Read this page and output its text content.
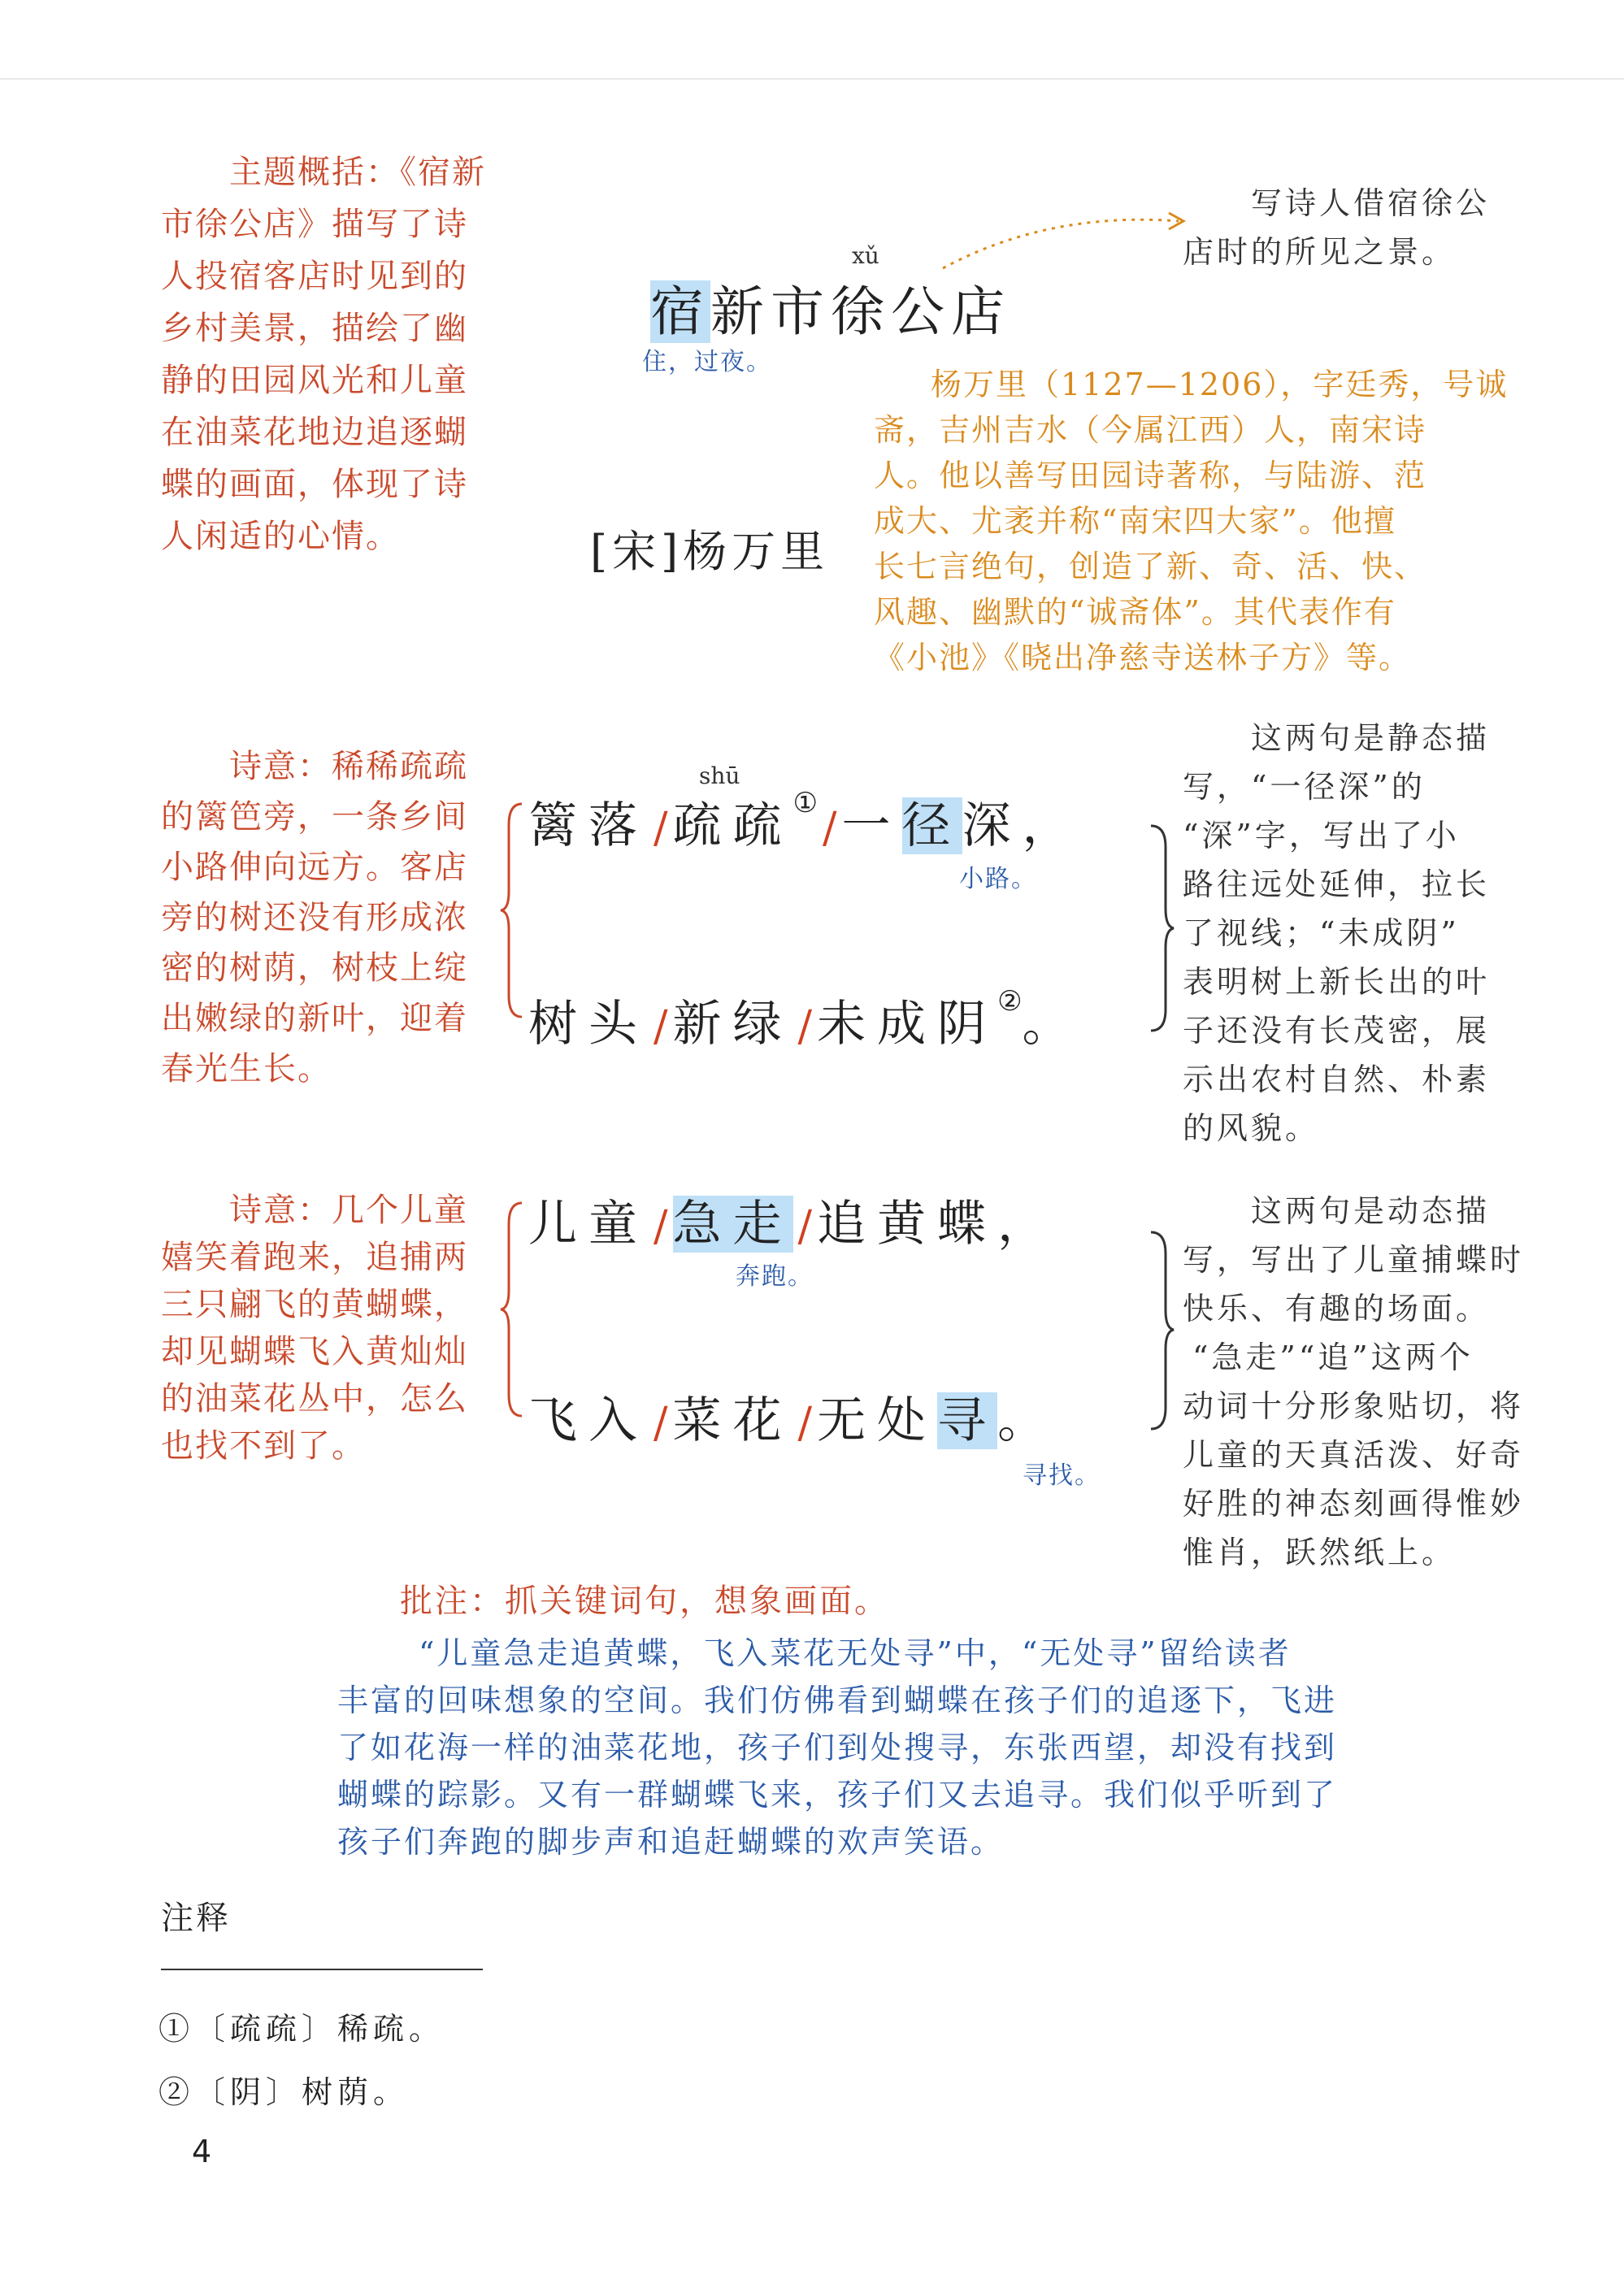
主题概括：《宿新
市徐公店》描写了诗
人投宿客店时见到的
乡村美景，描绘了幽
静的田园风光和儿童
在油菜花地边追逐蝴
蝶的画面，体现了诗
人闲适的心情。
写诗人借宿徐公
店时的所见之景。
宿新市徐公店
xǔ
住，过夜。
[宋]杨万里
杨万里（1127—1206），字廷秀，号诚
斋，吉州吉水（今属江西）人，南宋诗
人。他以善写田园诗著称，与陆游、范
成大、尤袤并称“南宋四大家”。他擅
长七言绝句，创造了新、奇、活、快、
风趣、幽默的“诚斋体”。其代表作有
《小池》《晓出净慈寺送林子方》等。
诗意：稀稀疏疏
的篱笆旁，一条乡间
小路伸向远方。客店
旁的树还没有形成浓
密的树荫，树枝上绽
出嫩绿的新叶，迎着
春光生长。
篱落 / 疏疏①/ 一径深，
shū
小路。
树头 / 新绿 / 未成阴②。
这两句是静态描
写，“一径深”的
“深”字，写出了小
路往远处延伸，拉长
了视线；“未成阴”
表明树上新长出的叶
子还没有长茂密，展
示出农村自然、朴素
的风貌。
诗意：几个儿童
嬉笑着跑来，追捕两
三只翩飞的黄蝴蝶，
却见蝴蝶飞入黄灿灿
的油菜花丛中，怎么
也找不到了。
儿童 / 急走 / 追黄蝶，
奔跑。
飞入 / 菜花 / 无处寻。
寻找。
这两句是动态描
写，写出了儿童捕蝶时
快乐、有趣的场面。
“急走”“追”这两个
动词十分形象贴切，将
儿童的天真活泼、好奇
好胜的神态刻画得惟妙
惟肖，跃然纸上。
批注：抓关键词句，想象画面。
“儿童急走追黄蝶，飞入菜花无处寻”中，“无处寻”留给读者
丰富的回味想象的空间。我们仿佛看到蝴蝶在孩子们的追逐下，飞进
了如花海一样的油菜花地，孩子们到处搜寻，东张西望，却没有找到
蝴蝶的踪影。又有一群蝴蝶飞来，孩子们又去追寻。我们似乎听到了
孩子们奔跑的脚步声和追赶蝴蝶的欢声笑语。
注释
①〔疏疏〕稀疏。
②〔阴〕树荫。
4
